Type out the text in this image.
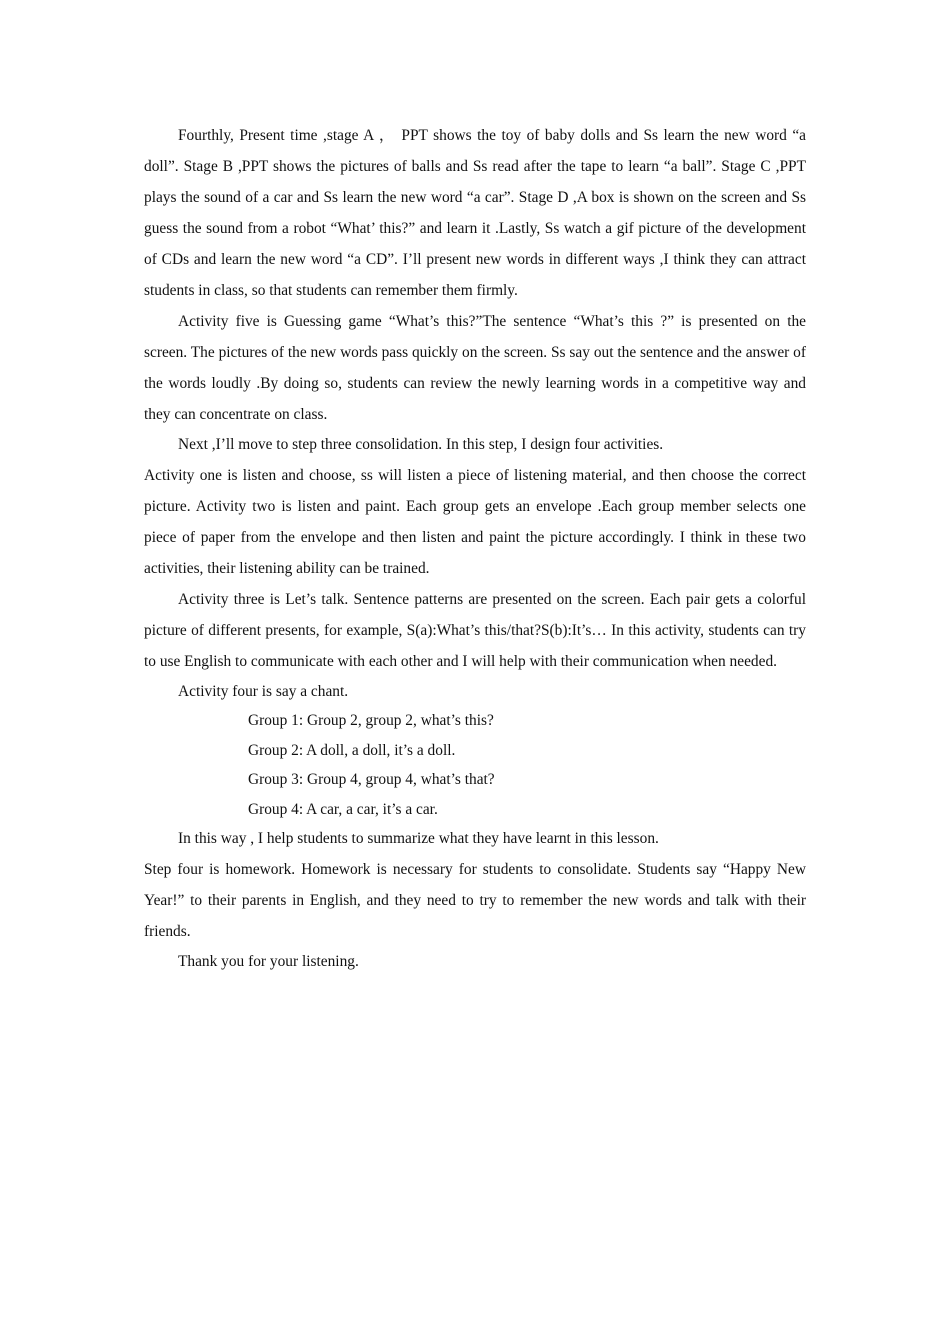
Fourthly, Present time ,stage A ， PPT shows the toy of baby dolls and Ss learn the new word “a doll”. Stage B ,PPT shows the pictures of balls and Ss read after the tape to learn “a ball”. Stage C ,PPT plays the sound of a car and Ss learn the new word “a car”. Stage D ,A box is shown on the screen and Ss guess the sound from a robot “What’ this?” and learn it .Lastly, Ss watch a gif picture of the development of CDs and learn the new word “a CD”. I’ll present new words in different ways ,I think they can attract students in class, so that students can remember them firmly.

Activity five is Guessing game “What’s this?”The sentence “What’s this ?” is presented on the screen. The pictures of the new words pass quickly on the screen. Ss say out the sentence and the answer of the words loudly .By doing so, students can review the newly learning words in a competitive way and they can concentrate on class.

Next ,I’ll move to step three consolidation. In this step, I design four activities.

Activity one is listen and choose, ss will listen a piece of listening material, and then choose the correct picture. Activity two is listen and paint. Each group gets an envelope .Each group member selects one piece of paper from the envelope and then listen and paint the picture accordingly. I think in these two activities, their listening ability can be trained.

Activity three is Let’s talk. Sentence patterns are presented on the screen. Each pair gets a colorful picture of different presents, for example, S(a):What’s this/that?S(b):It’s… In this activity, students can try to use English to communicate with each other and I will help with their communication when needed.

Activity four is say a chant.

Group 1: Group 2, group 2, what’s this?

Group 2: A doll, a doll, it’s a doll.

Group 3: Group 4, group 4, what’s that?

Group 4: A car, a car, it’s a car.

In this way , I help students to summarize what they have learnt in this lesson.

Step four is homework. Homework is necessary for students to consolidate. Students say “Happy New Year!” to their parents in English, and they need to try to remember the new words and talk with their friends.

Thank you for your listening.
